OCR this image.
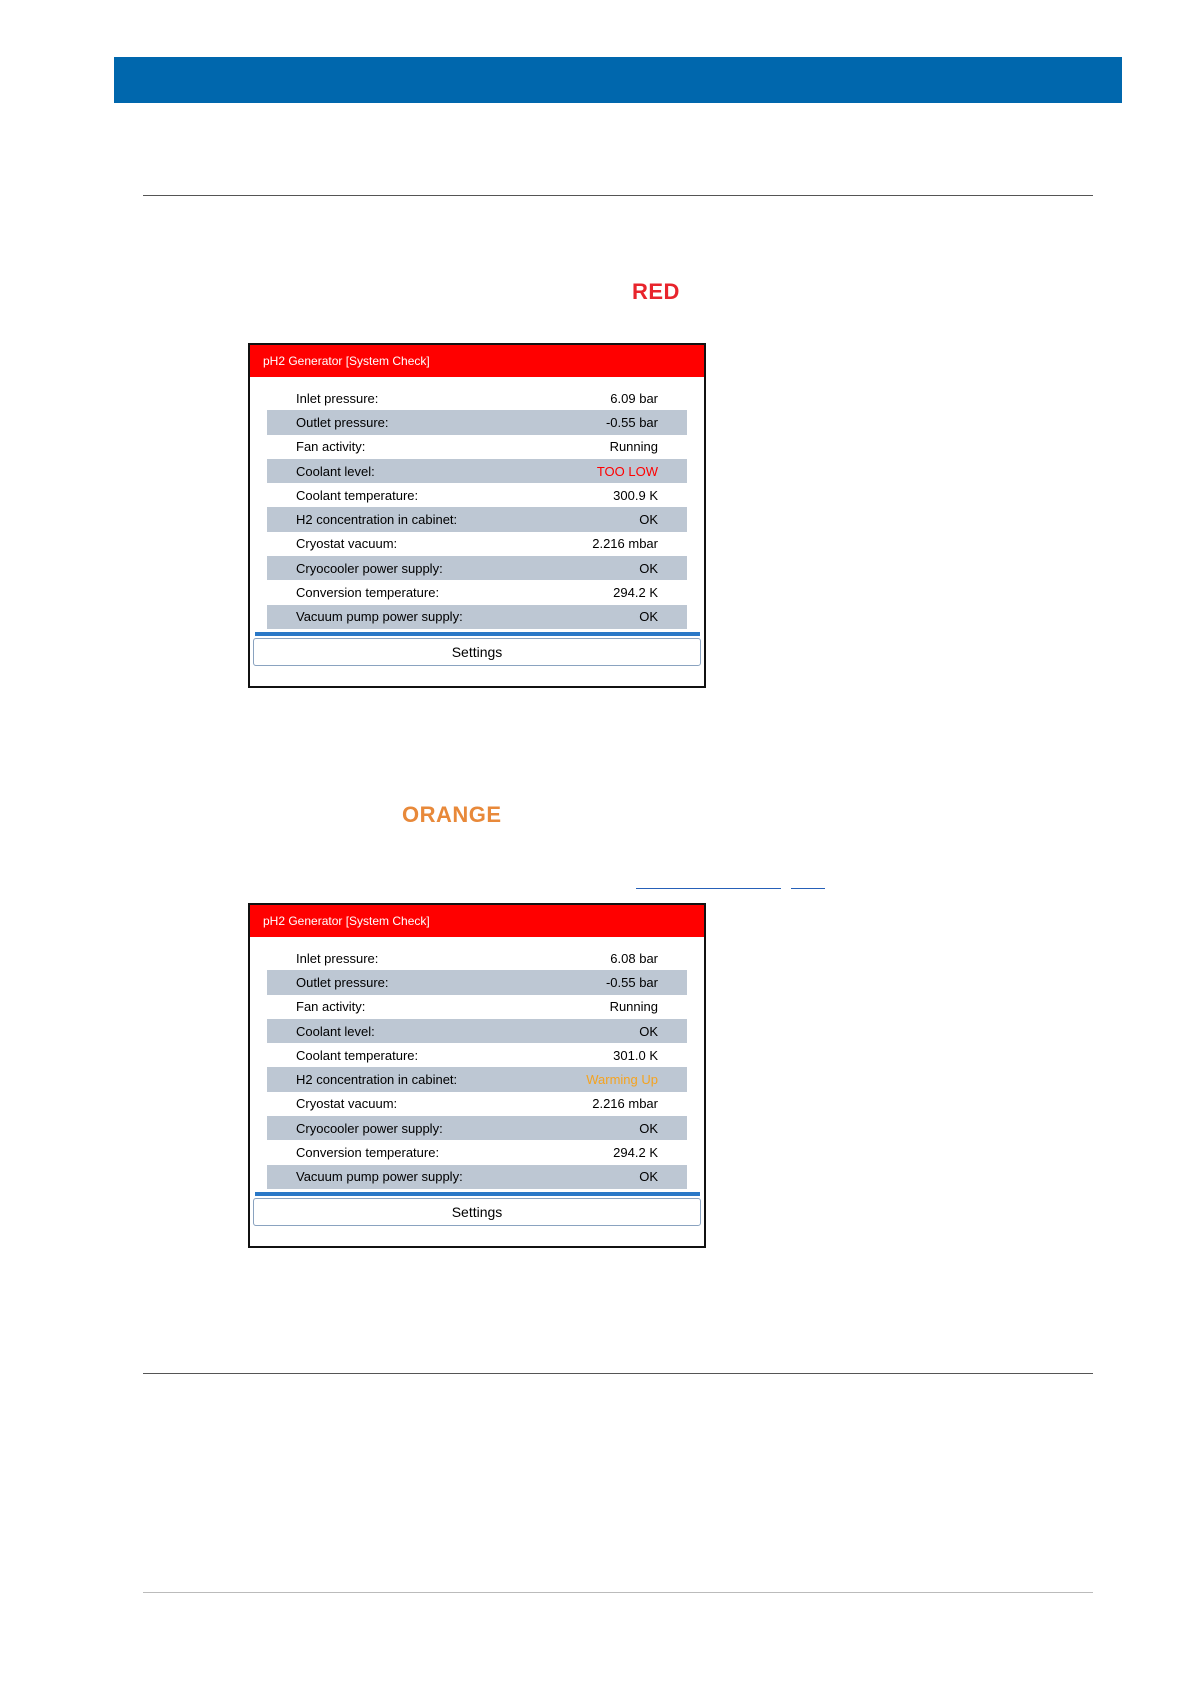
RED
pH2 Generator [System Check]
Inlet pressure:	6.09 bar
Outlet pressure:	-0.55 bar
Fan activity:	Running
Coolant level:	TOO LOW
Coolant temperature:	300.9 K
H2 concentration in cabinet:	OK
Cryostat vacuum:	2.216 mbar
Cryocooler power supply:	OK
Conversion temperature:	294.2 K
Vacuum pump power supply:	OK
Settings
ORANGE
pH2 Generator [System Check]
Inlet pressure:	6.08 bar
Outlet pressure:	-0.55 bar
Fan activity:	Running
Coolant level:	OK
Coolant temperature:	301.0 K
H2 concentration in cabinet:	Warming Up
Cryostat vacuum:	2.216 mbar
Cryocooler power supply:	OK
Conversion temperature:	294.2 K
Vacuum pump power supply:	OK
Settings
